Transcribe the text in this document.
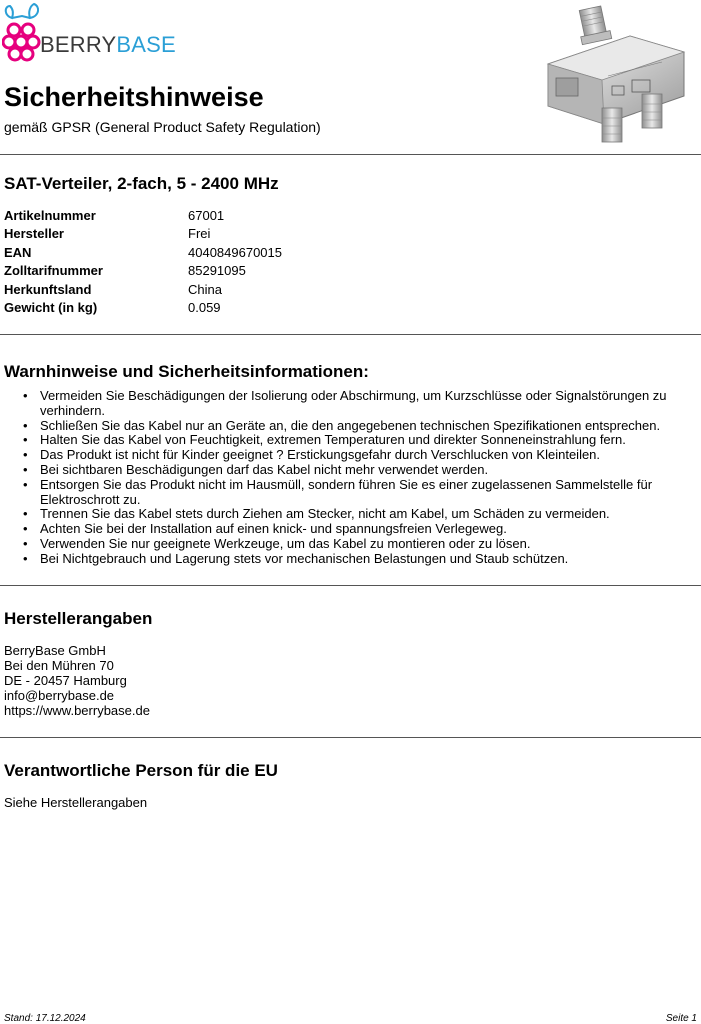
BERRYBASE
Sicherheitshinweise
gemäß GPSR (General Product Safety Regulation)
SAT-Verteiler, 2-fach, 5 - 2400 MHz
Artikelnummer	67001
Hersteller	Frei
EAN	4040849670015
Zolltarifnummer	85291095
Herkunftsland	China
Gewicht (in kg)	0.059
Warnhinweise und Sicherheitsinformationen:
• Vermeiden Sie Beschädigungen der Isolierung oder Abschirmung, um Kurzschlüsse oder Signalstörungen zu verhindern.
• Schließen Sie das Kabel nur an Geräte an, die den angegebenen technischen Spezifikationen entsprechen.
• Halten Sie das Kabel von Feuchtigkeit, extremen Temperaturen und direkter Sonneneinstrahlung fern.
• Das Produkt ist nicht für Kinder geeignet ? Erstickungsgefahr durch Verschlucken von Kleinteilen.
• Bei sichtbaren Beschädigungen darf das Kabel nicht mehr verwendet werden.
• Entsorgen Sie das Produkt nicht im Hausmüll, sondern führen Sie es einer zugelassenen Sammelstelle für Elektroschrott zu.
• Trennen Sie das Kabel stets durch Ziehen am Stecker, nicht am Kabel, um Schäden zu vermeiden.
• Achten Sie bei der Installation auf einen knick- und spannungsfreien Verlegeweg.
• Verwenden Sie nur geeignete Werkzeuge, um das Kabel zu montieren oder zu lösen.
• Bei Nichtgebrauch und Lagerung stets vor mechanischen Belastungen und Staub schützen.
Herstellerangaben
BerryBase GmbH
Bei den Mühren 70
DE - 20457 Hamburg
info@berrybase.de
https://www.berrybase.de
Verantwortliche Person für die EU
Siehe Herstellerangaben
Stand: 17.12.2024	Seite 1
